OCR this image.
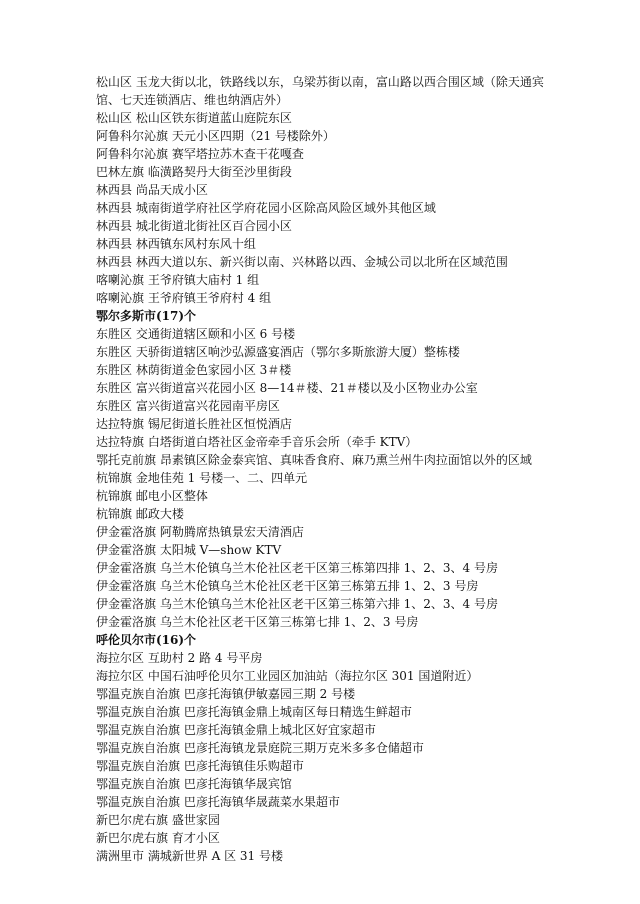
松山区 玉龙大街以北，铁路线以东，乌梁苏街以南，富山路以西合围区域（除天通宾馆、七天连锁酒店、维也纳酒店外）
松山区 松山区铁东街道蓝山庭院东区
阿鲁科尔沁旗 天元小区四期（21 号楼除外）
阿鲁科尔沁旗 赛罕塔拉苏木查干花嘎查
巴林左旗 临潢路契丹大街至沙里街段
林西县 尚品天成小区
林西县 城南街道学府社区学府花园小区除高风险区域外其他区域
林西县 城北街道北街社区百合园小区
林西县 林西镇东风村东风十组
林西县 林西大道以东、新兴街以南、兴林路以西、金城公司以北所在区域范围
喀喇沁旗 王爷府镇大庙村 1 组
喀喇沁旗 王爷府镇王爷府村 4 组
鄂尔多斯市(17)个
东胜区 交通街道辖区颐和小区 6 号楼
东胜区 天骄街道辖区响沙弘源盛宴酒店（鄂尔多斯旅游大厦）整栋楼
东胜区 林荫街道金色家园小区 3＃楼
东胜区 富兴街道富兴花园小区 8—14＃楼、21＃楼以及小区物业办公室
东胜区 富兴街道富兴花园南平房区
达拉特旗 锡尼街道长胜社区恒悦酒店
达拉特旗 白塔街道白塔社区金帝牵手音乐会所（牵手 KTV）
鄂托克前旗 昂素镇区除金泰宾馆、真味香食府、麻乃熏兰州牛肉拉面馆以外的区域
杭锦旗 金地佳苑 1 号楼一、二、四单元
杭锦旗 邮电小区整体
杭锦旗 邮政大楼
伊金霍洛旗 阿勒腾席热镇景宏天清酒店
伊金霍洛旗 太阳城 V—show KTV
伊金霍洛旗 乌兰木伦镇乌兰木伦社区老干区第三栋第四排 1、2、3、4 号房
伊金霍洛旗 乌兰木伦镇乌兰木伦社区老干区第三栋第五排 1、2、3 号房
伊金霍洛旗 乌兰木伦镇乌兰木伦社区老干区第三栋第六排 1、2、3、4 号房
伊金霍洛旗 乌兰木伦社区老干区第三栋第七排 1、2、3 号房
呼伦贝尔市(16)个
海拉尔区 互助村 2 路 4 号平房
海拉尔区 中国石油呼伦贝尔工业园区加油站（海拉尔区 301 国道附近）
鄂温克族自治旗 巴彦托海镇伊敏嘉园三期 2 号楼
鄂温克族自治旗 巴彦托海镇金鼎上城南区每日精选生鲜超市
鄂温克族自治旗 巴彦托海镇金鼎上城北区好宜家超市
鄂温克族自治旗 巴彦托海镇龙景庭院三期万克米多多仓储超市
鄂温克族自治旗 巴彦托海镇佳乐购超市
鄂温克族自治旗 巴彦托海镇华晟宾馆
鄂温克族自治旗 巴彦托海镇华晟蔬菜水果超市
新巴尔虎右旗 盛世家园
新巴尔虎右旗 育才小区
满洲里市 满城新世界 A 区 31 号楼
